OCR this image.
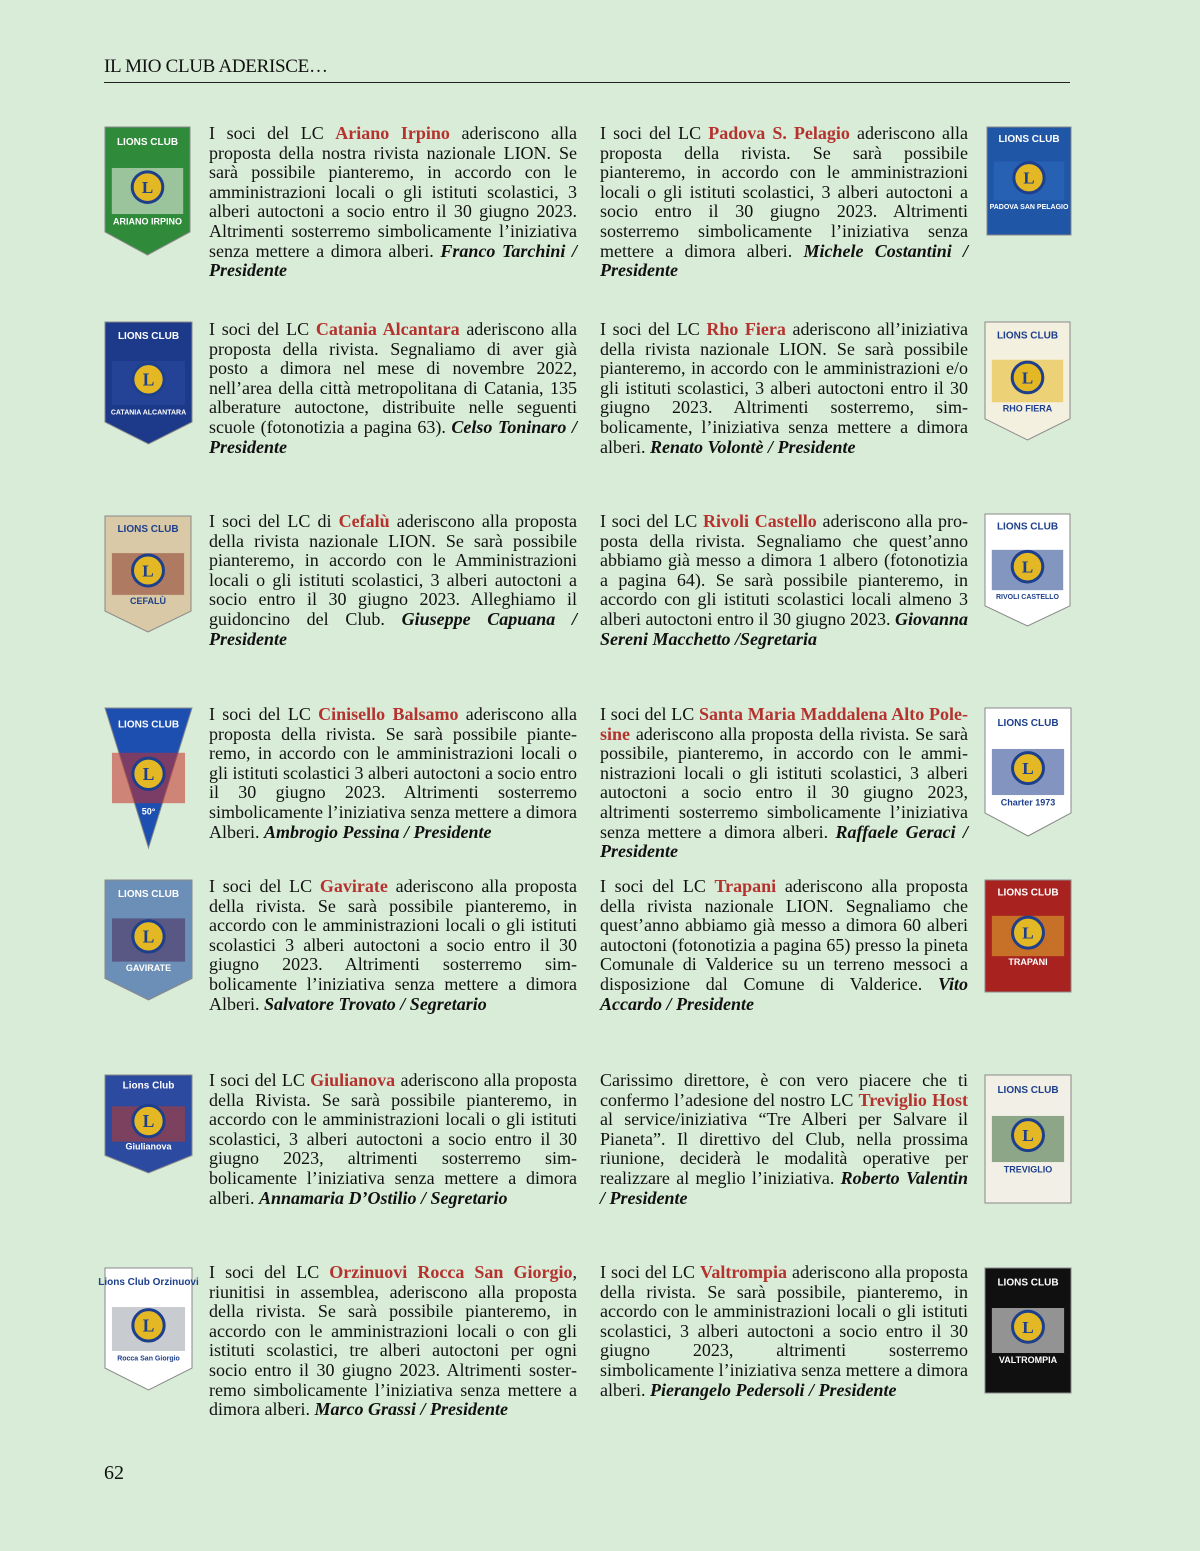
IL MIO CLUB ADERISCE…
I soci del LC Ariano Irpino aderiscono alla proposta della nostra rivista nazionale LION. Se sarà possibile pianteremo, in accordo con le amministrazioni locali o gli istituti scolastici, 3 alberi autoctoni a socio entro il 30 giugno 2023. Altrimenti sosterremo simbolicamente l’iniziativa senza mettere a dimora alberi. Franco Tarchini / Presidente
L
LIONS CLUB
ARIANO IRPINO
I soci del LC Padova S. Pelagio aderiscono alla proposta della rivista. Se sarà possibile pianteremo, in accordo con le amministrazioni locali o gli istituti scolastici, 3 alberi autoctoni a socio entro il 30 giugno 2023. Altrimenti sosterremo simbolicamente l’iniziativa senza mettere a dimora alberi. Michele Costantini / Presidente
L
LIONS CLUB
PADOVA SAN PELAGIO
I soci del LC Catania Alcantara aderiscono alla proposta della rivista. Segnaliamo di aver già posto a dimora nel mese di novembre 2022, nell’area della città metropolitana di Catania, 135 alberature autoctone, distribuite nelle seguenti scuole (fotonotizia a pagina 63). Celso Toninaro / Presidente
L
LIONS CLUB
CATANIA ALCANTARA
I soci del LC Rho Fiera aderiscono all’iniziativa della rivista nazionale LION. Se sarà possibile pianteremo, in accordo con le amministrazioni e/o gli istituti scolastici, 3 alberi autoctoni entro il 30 giugno 2023. Altrimenti sosterremo, simbolicamente, l’iniziativa senza mettere a dimora alberi. Renato Volontè / Presidente
L
LIONS CLUB
RHO FIERA
I soci del LC di Cefalù aderiscono alla proposta della rivista nazionale LION. Se sarà possibile pianteremo, in accordo con le Amministrazioni locali o gli istituti scolastici, 3 alberi autoctoni a socio entro il 30 giugno 2023. Alleghiamo il guidoncino del Club. Giuseppe Capuana / Presidente
L
LIONS CLUB
CEFALÙ
I soci del LC Rivoli Castello aderiscono alla proposta della rivista. Segnaliamo che quest’anno abbiamo già messo a dimora 1 albero (fotonotizia a pagina 64). Se sarà possibile pianteremo, in accordo con gli istituti scolastici locali almeno 3 alberi autoctoni entro il 30 giugno 2023. Giovanna Sereni Macchetto /Segretaria
L
LIONS CLUB
RIVOLI CASTELLO
I soci del LC Cinisello Balsamo aderiscono alla proposta della rivista. Se sarà possibile pianteremo, in accordo con le amministrazioni locali o gli istituti scolastici 3 alberi autoctoni a socio entro il 30 giugno 2023. Altrimenti sosterremo simbolicamente l’iniziativa senza mettere a dimora Alberi. Ambrogio Pessina / Presidente
L
LIONS CLUB
50°
I soci del LC Santa Maria Maddalena Alto Polesine aderiscono alla proposta della rivista. Se sarà possibile, pianteremo, in accordo con le amministrazioni locali o gli istituti scolastici, 3 alberi autoctoni a socio entro il 30 giugno 2023, altrimenti sosterremo simbolicamente l’iniziativa senza mettere a dimora alberi. Raffaele Geraci / Presidente
L
LIONS CLUB
Charter 1973
I soci del LC Gavirate aderiscono alla proposta della rivista. Se sarà possibile pianteremo, in accordo con le amministrazioni locali o gli istituti scolastici 3 alberi autoctoni a socio entro il 30 giugno 2023. Altrimenti sosterremo simbolicamente l’iniziativa senza mettere a dimora Alberi. Salvatore Trovato / Segretario
L
LIONS CLUB
GAVIRATE
I soci del LC Trapani aderiscono alla proposta della rivista nazionale LION. Segnaliamo che quest’anno abbiamo già messo a dimora 60 alberi autoctoni (fotonotizia a pagina 65) presso la pineta Comunale di Valderice su un terreno messoci a disposizione dal Comune di Valderice. Vito Accardo / Presidente
L
LIONS CLUB
TRAPANI
I soci del LC Giulianova aderiscono alla proposta della Rivista. Se sarà possibile pianteremo, in accordo con le amministrazioni locali o gli istituti scolastici, 3 alberi autoctoni a socio entro il 30 giugno 2023, altrimenti sosterremo simbolicamente l’iniziativa senza mettere a dimora alberi. Annamaria D’Ostilio / Segretario
L
Lions Club
Giulianova
Carissimo direttore, è con vero piacere che ti confermo l’adesione del nostro LC Treviglio Host al service/iniziativa “Tre Alberi per Salvare il Pianeta”. Il direttivo del Club, nella prossima riunione, deciderà le modalità operative per realizzare al meglio l’iniziativa. Roberto Valentin / Presidente
L
LIONS CLUB
TREVIGLIO
I soci del LC Orzinuovi Rocca San Giorgio, riunitisi in assemblea, aderiscono alla proposta della rivista. Se sarà possibile pianteremo, in accordo con le amministrazioni locali o con gli istituti scolastici, tre alberi autoctoni per ogni socio entro il 30 giugno 2023. Altrimenti sosterremo simbolicamente l’iniziativa senza mettere a dimora alberi. Marco Grassi / Presidente
L
Lions Club Orzinuovi
Rocca San Giorgio
I soci del LC Valtrompia aderiscono alla proposta della rivista. Se sarà possibile, pianteremo, in accordo con le amministrazioni locali o gli istituti scolastici, 3 alberi autoctoni a socio entro il 30 giugno 2023, altrimenti sosterremo simbolicamente l’iniziativa senza mettere a dimora alberi. Pierangelo Pedersoli / Presidente
L
LIONS CLUB
VALTROMPIA
62
